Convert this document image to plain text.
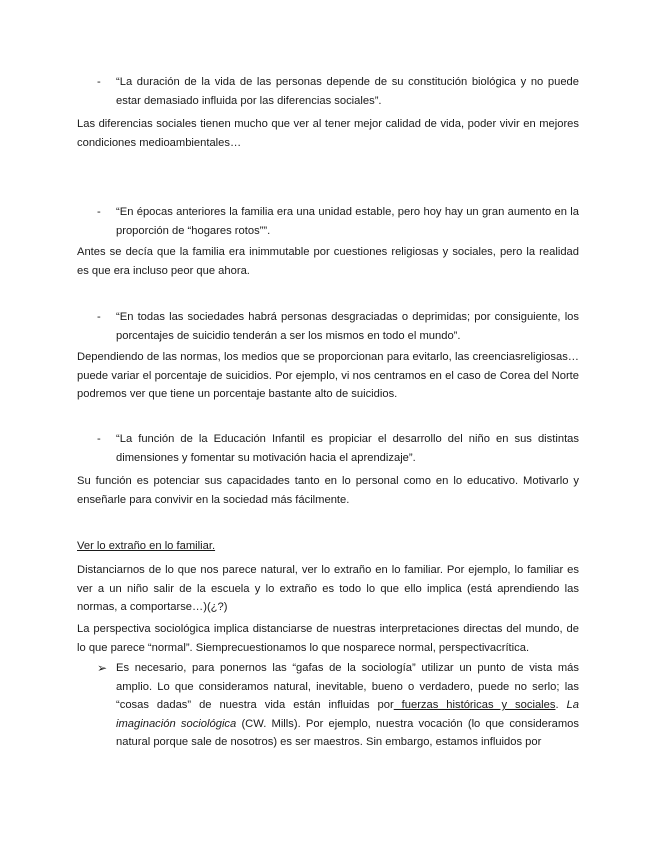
- “La duración de la vida de las personas depende de su constitución biológica y no puede estar demasiado influida por las diferencias sociales”.
Las diferencias sociales tienen mucho que ver al tener mejor calidad de vida, poder vivir en mejores condiciones medioambientales…
- “En épocas anteriores la familia era una unidad estable, pero hoy hay un gran aumento en la proporción de “hogares rotos””.
Antes se decía que la familia era inimmutable por cuestiones religiosas y sociales, pero la realidad es que era incluso peor que ahora.
- “En todas las sociedades habrá personas desgraciadas o deprimidas; por consiguiente, los porcentajes de suicidio tenderán a ser los mismos en todo el mundo”.
Dependiendo de las normas, los medios que se proporcionan para evitarlo, las creenciasreligiosas… puede variar el porcentaje de suicidios. Por ejemplo, vi nos centramos en el caso de Corea del Norte podremos ver que tiene un porcentaje bastante alto de suicidios.
- “La función de la Educación Infantil es propiciar el desarrollo del niño en sus distintas dimensiones y fomentar su motivación hacia el aprendizaje”.
Su función es potenciar sus capacidades tanto en lo personal como en lo educativo. Motivarlo y enseñarle para convivir en la sociedad más fácilmente.
Ver lo extraño en lo familiar.
Distanciarnos de lo que nos parece natural, ver lo extraño en lo familiar. Por ejemplo, lo familiar es ver a un niño salir de la escuela y lo extraño es todo lo que ello implica (está aprendiendo las normas, a comportarse…)(¿?)
La perspectiva sociológica implica distanciarse de nuestras interpretaciones directas del mundo, de lo que parece “normal”. Siemprecuestionamos lo que nosparece normal, perspectivacrítica.
➢ Es necesario, para ponernos las “gafas de la sociología” utilizar un punto de vista más amplio. Lo que consideramos natural, inevitable, bueno o verdadero, puede no serlo; las “cosas dadas” de nuestra vida están influidas por fuerzas históricas y sociales. La imaginación sociológica (CW. Mills). Por ejemplo, nuestra vocación (lo que consideramos natural porque sale de nosotros) es ser maestros. Sin embargo, estamos influidos por
